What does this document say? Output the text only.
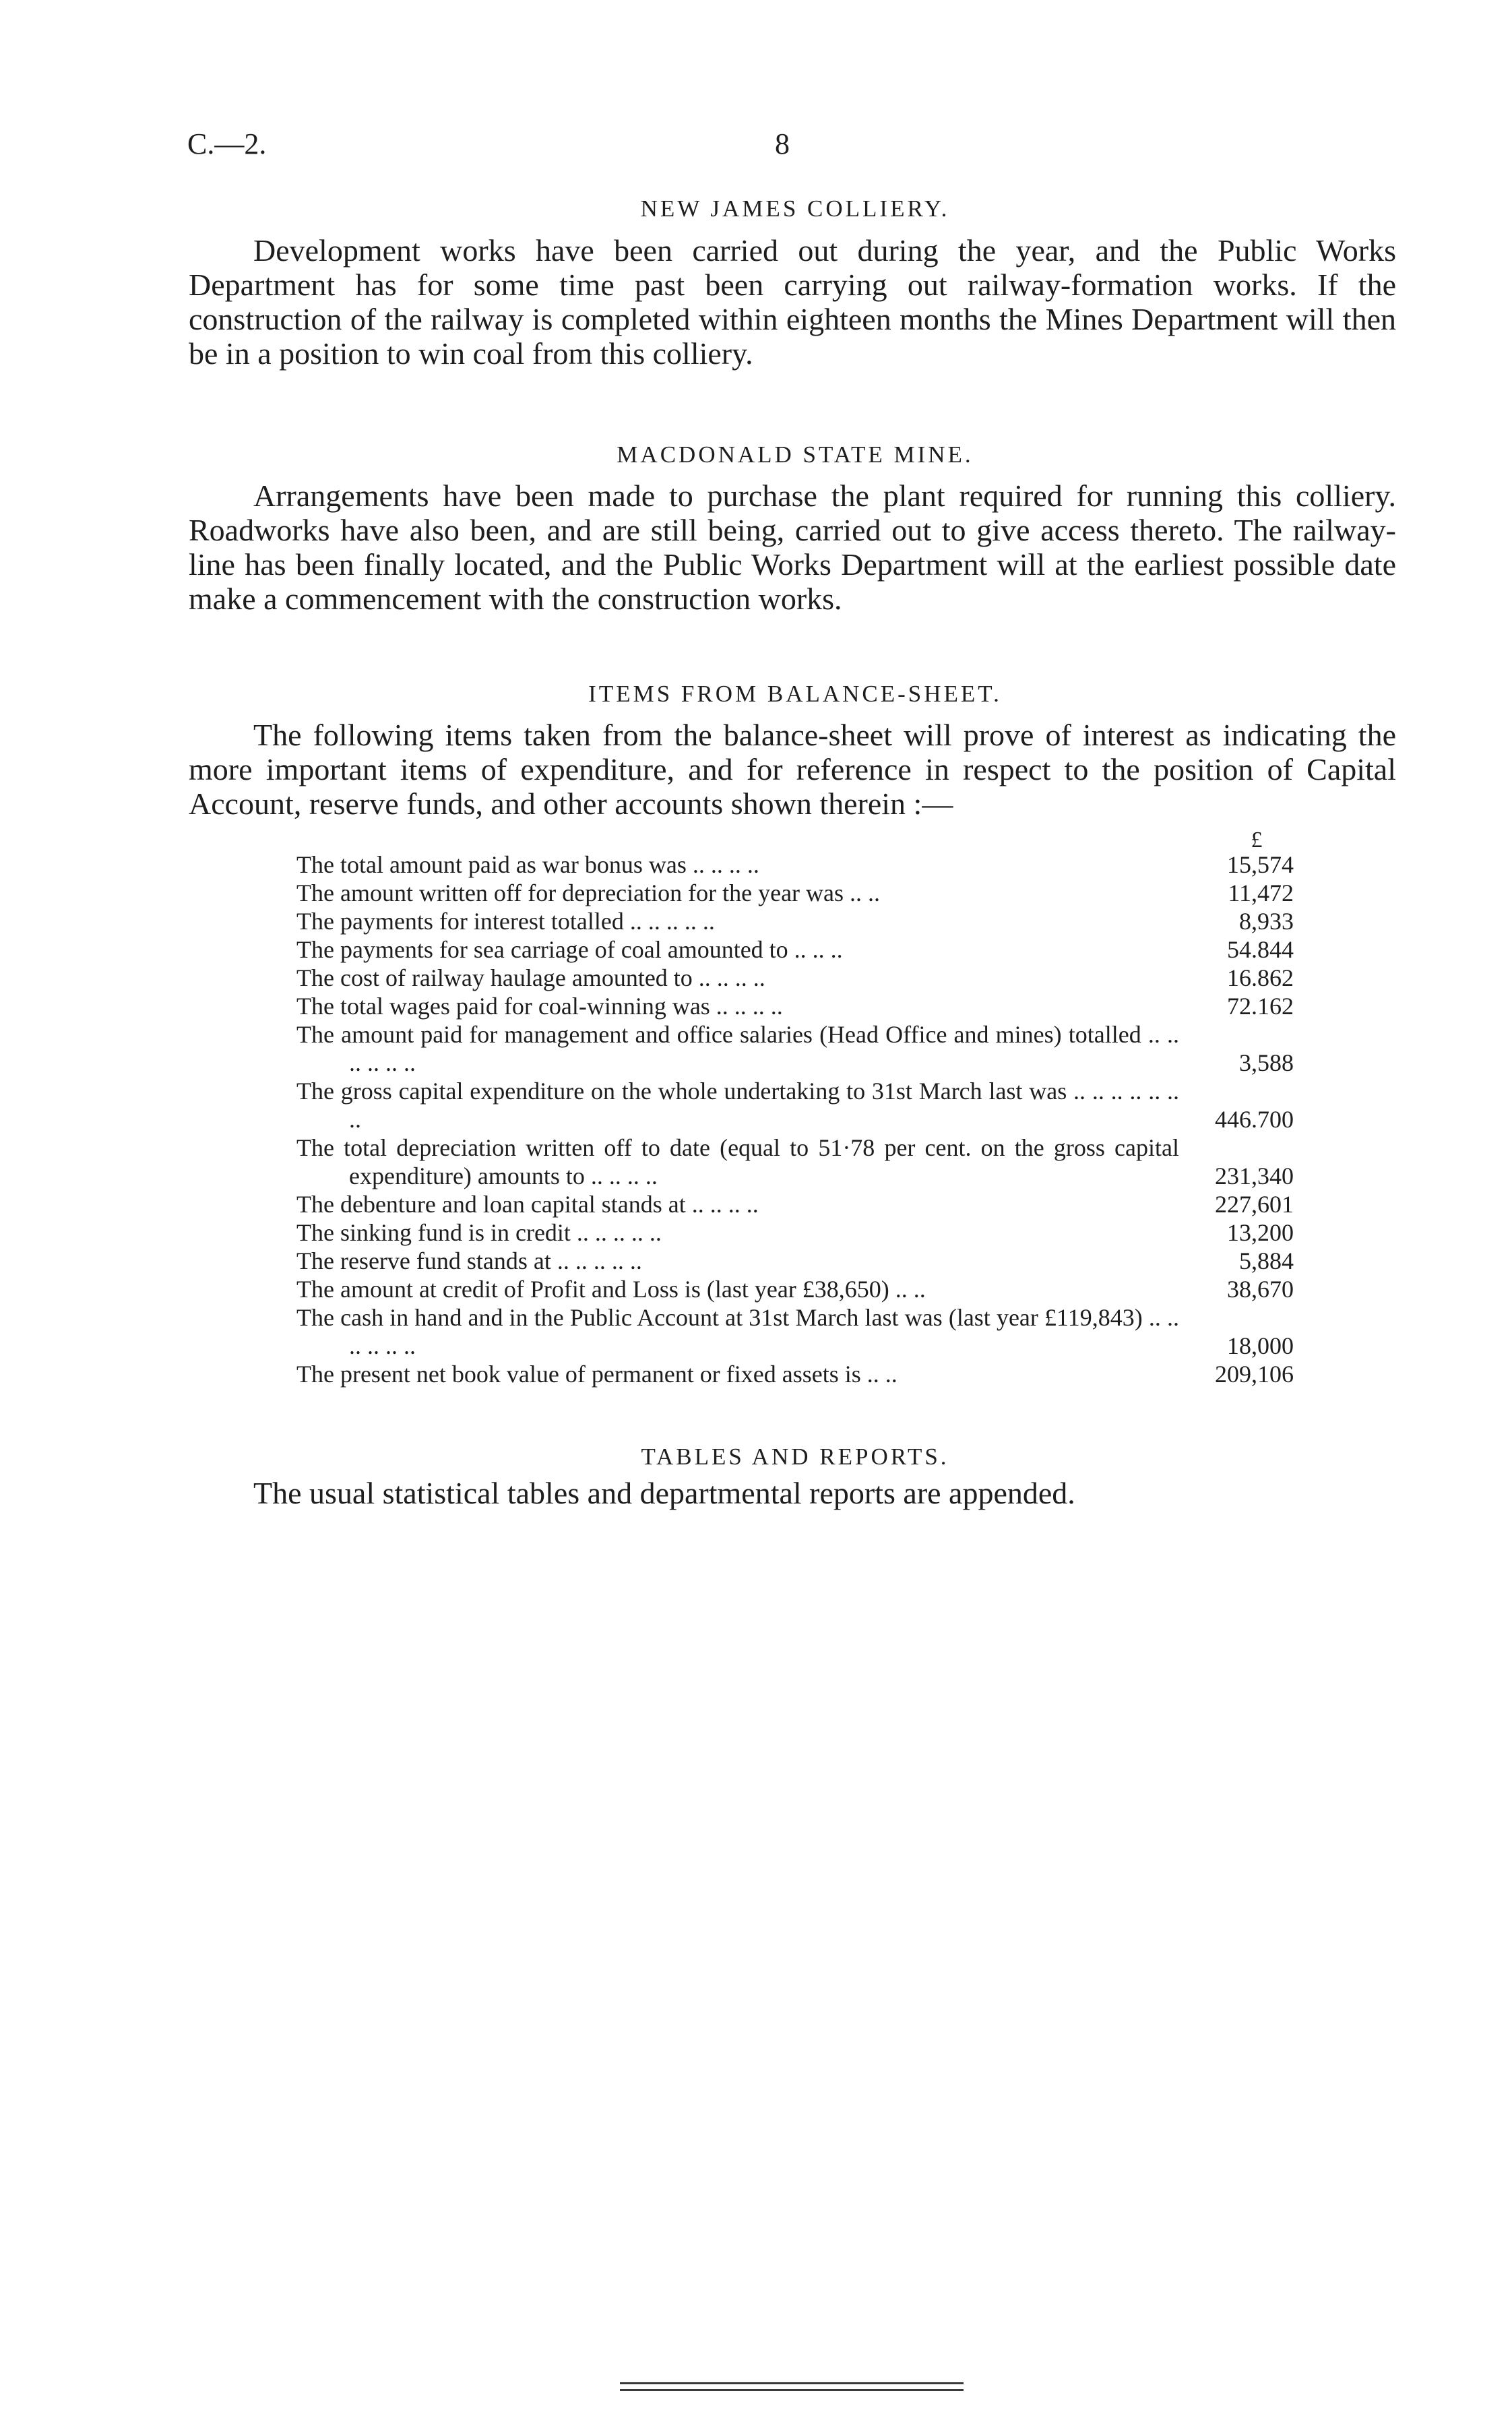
C.—2.	8
NEW JAMES COLLIERY.

Development works have been carried out during the year, and the Public Works Department has for some time past been carrying out railway-formation works. If the construction of the railway is completed within eighteen months the Mines Department will then be in a position to win coal from this colliery.

MACDONALD STATE MINE.

Arrangements have been made to purchase the plant required for running this colliery. Roadworks have also been, and are still being, carried out to give access thereto. The railway-line has been finally located, and the Public Works Department will at the earliest possible date make a commencement with the construction works.

ITEMS FROM BALANCE-SHEET.

The following items taken from the balance-sheet will prove of interest as indicating the more important items of expenditure, and for reference in respect to the position of Capital Account, reserve funds, and other accounts shown therein :—

£
The total amount paid as war bonus was .. .. .. ..	15,574
The amount written off for depreciation for the year was .. ..	11,472
The payments for interest totalled .. .. .. .. ..	8,933
The payments for sea carriage of coal amounted to .. .. ..	54.844
The cost of railway haulage amounted to .. .. .. ..	16.862
The total wages paid for coal-winning was .. .. .. ..	72.162
The amount paid for management and office salaries (Head Office and mines) totalled .. .. .. .. .. ..	3,588
The gross capital expenditure on the whole undertaking to 31st March last was .. .. .. .. .. .. ..	446.700
The total depreciation written off to date (equal to 51·78 per cent. on the gross capital expenditure) amounts to .. .. .. ..	231,340
The debenture and loan capital stands at .. .. .. ..	227,601
The sinking fund is in credit .. .. .. .. ..	13,200
The reserve fund stands at .. .. .. .. ..	5,884
The amount at credit of Profit and Loss is (last year £38,650) .. ..	38,670
The cash in hand and in the Public Account at 31st March last was (last year £119,843) .. .. .. .. .. ..	18,000
The present net book value of permanent or fixed assets is .. ..	209,106
TABLES AND REPORTS.

The usual statistical tables and departmental reports are appended.
